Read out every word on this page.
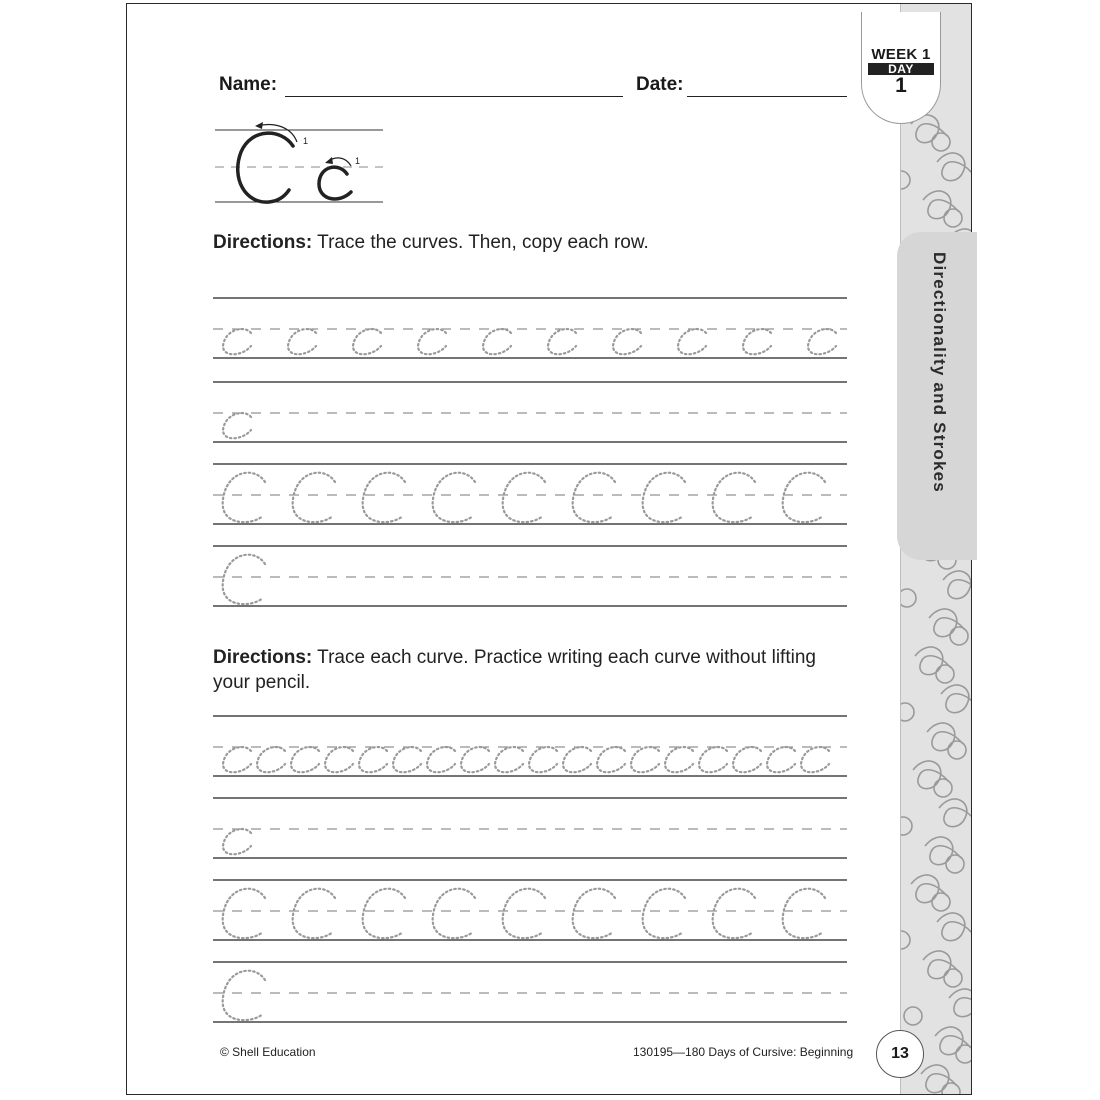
Directionality and Strokes
WEEK 1
DAY
1
Name:	Date:
1
1
Directions: Trace the curves. Then, copy each row.
Directions: Trace each curve. Practice writing each curve without lifting your pencil.
© Shell Education	130195—180 Days of Cursive: Beginning	13
